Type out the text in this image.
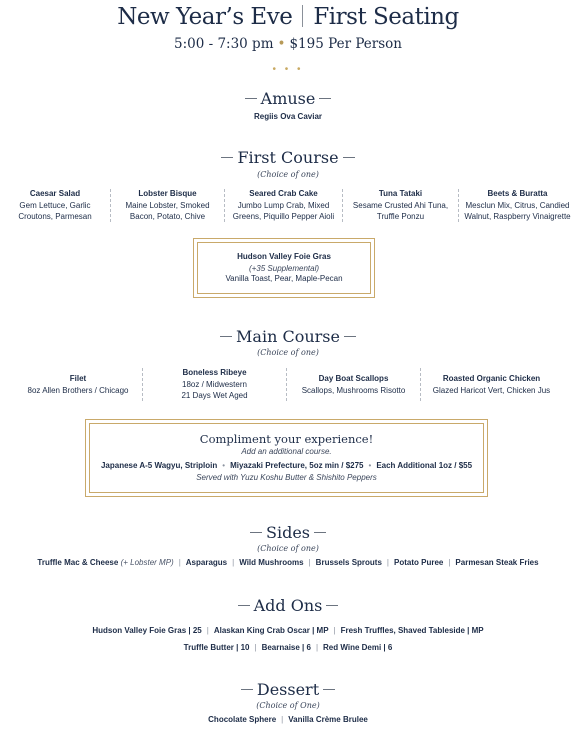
New Year’s Eve First Seating
5:00 - 7:30 pm • $195 Per Person
• • •
Amuse
Regiis Ova Caviar
First Course
(Choice of one)
Caesar Salad
Gem Lettuce, Garlic
Croutons, Parmesan
Lobster Bisque
Maine Lobster, Smoked
Bacon, Potato, Chive
Seared Crab Cake
Jumbo Lump Crab, Mixed
Greens, Piquillo Pepper Aioli
Tuna Tataki
Sesame Crusted Ahi Tuna,
Truffle Ponzu
Beets & Buratta
Mesclun Mix, Citrus, Candied
Walnut, Raspberry Vinaigrette
Hudson Valley Foie Gras
(+35 Supplemental)
Vanilla Toast, Pear, Maple-Pecan
Main Course
(Choice of one)
Filet
8oz Allen Brothers / Chicago
Boneless Ribeye
18oz / Midwestern
21 Days Wet Aged
Day Boat Scallops
Scallops, Mushrooms Risotto
Roasted Organic Chicken
Glazed Haricot Vert, Chicken Jus
Compliment your experience!
Add an additional course.
Japanese A-5 Wagyu, Striploin • Miyazaki Prefecture, 5oz min / $275 • Each Additional 1oz / $55
Served with Yuzu Koshu Butter & Shishito Peppers
Sides
(Choice of one)
Truffle Mac & Cheese (+ Lobster MP) | Asparagus | Wild Mushrooms | Brussels Sprouts | Potato Puree | Parmesan Steak Fries
Add Ons
Hudson Valley Foie Gras | 25 | Alaskan King Crab Oscar | MP | Fresh Truffles, Shaved Tableside | MP
Truffle Butter | 10 | Bearnaise | 6 | Red Wine Demi | 6
Dessert
(Choice of One)
Chocolate Sphere | Vanilla Crème Brulee
